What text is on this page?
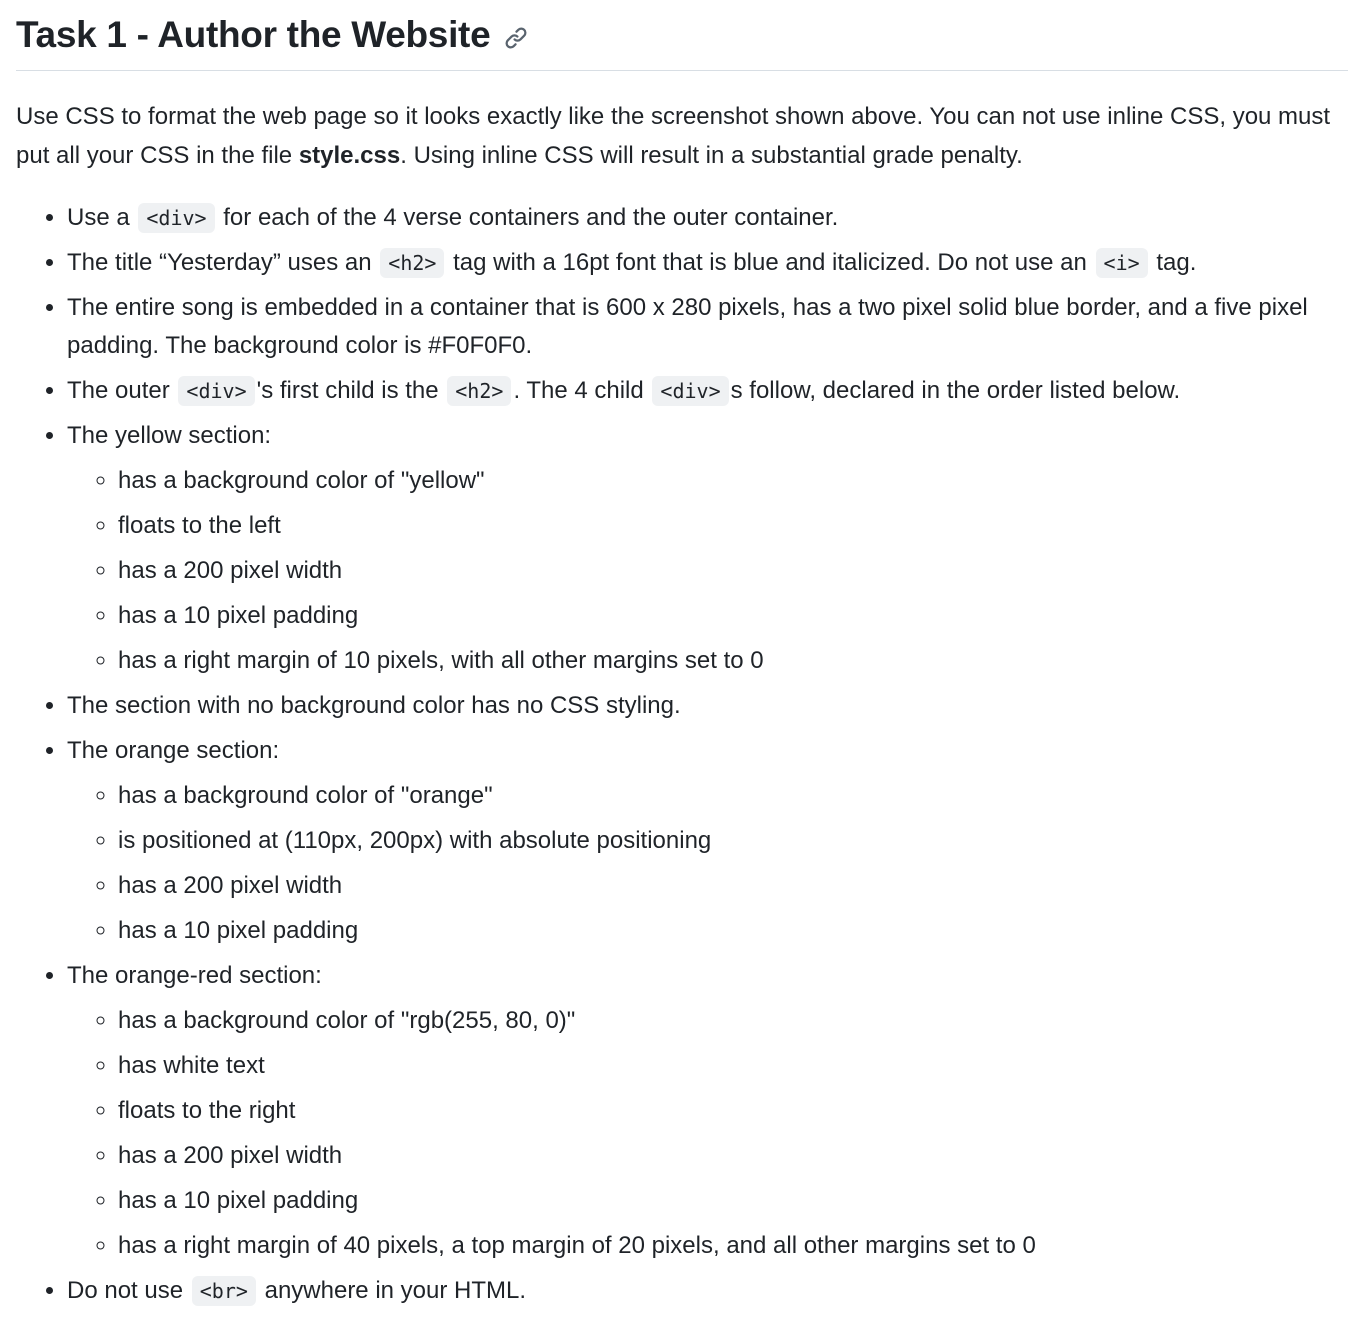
Task 1 - Author the Website

Use CSS to format the web page so it looks exactly like the screenshot shown above. You can not use inline CSS, you must put all your CSS in the file style.css. Using inline CSS will result in a substantial grade penalty.

• Use a <div> for each of the 4 verse containers and the outer container.
• The title “Yesterday” uses an <h2> tag with a 16pt font that is blue and italicized. Do not use an <i> tag.
• The entire song is embedded in a container that is 600 x 280 pixels, has a two pixel solid blue border, and a five pixel padding. The background color is #F0F0F0.
• The outer <div> 's first child is the <h2> . The 4 child <div> s follow, declared in the order listed below.
• The yellow section:
◦ has a background color of "yellow"
◦ floats to the left
◦ has a 200 pixel width
◦ has a 10 pixel padding
◦ has a right margin of 10 pixels, with all other margins set to 0
• The section with no background color has no CSS styling.
• The orange section:
◦ has a background color of "orange"
◦ is positioned at (110px, 200px) with absolute positioning
◦ has a 200 pixel width
◦ has a 10 pixel padding
• The orange-red section:
◦ has a background color of "rgb(255, 80, 0)"
◦ has white text
◦ floats to the right
◦ has a 200 pixel width
◦ has a 10 pixel padding
◦ has a right margin of 40 pixels, a top margin of 20 pixels, and all other margins set to 0
• Do not use <br> anywhere in your HTML.
